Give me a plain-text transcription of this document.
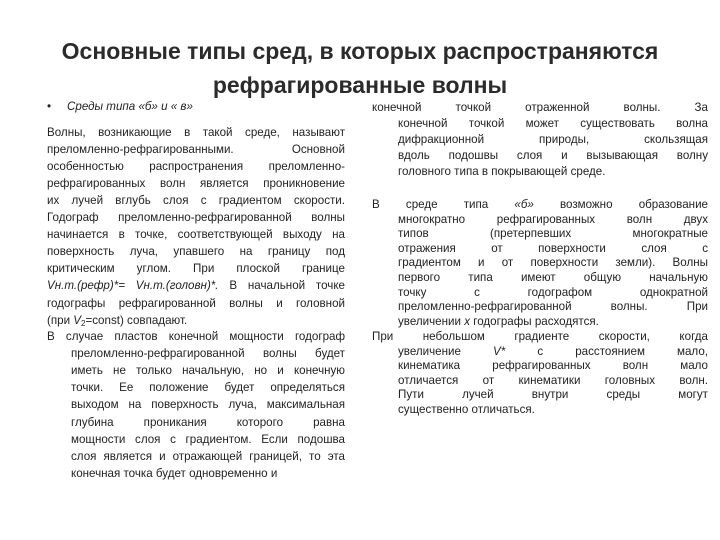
Основные типы сред, в которых распространяются
рефрагированные волны
• Среды типа «б» и « в»
Волны, возникающие в такой среде, называют
преломленно-рефрагированными. Основной
особенностью распространения преломленно-
рефрагированных волн является проникновение
их лучей вглубь слоя с градиентом скорости.
Годограф преломленно-рефрагированной волны
начинается в точке, соответствующей выходу на
поверхность луча, упавшего на границу под
критическим углом. При плоской границе
Vн.т.(рефр)*= Vн.т.(головн)*. В начальной точке
годографы рефрагированной волны и головной
(при $V_2=const$) совпадают.
В случае пластов конечной мощности годограф
преломленно-рефрагированной волны будет
иметь не только начальную, но и конечную
точки. Ее положение будет определяться
выходом на поверхность луча, максимальная
глубина проникания которого равна
мощности слоя с градиентом. Если подошва
слоя является и отражающей границей, то эта
конечная точка будет одновременно и
конечной точкой отраженной волны. За
конечной точкой может существовать волна
дифракционной природы, скользящая
вдоль подошвы слоя и вызывающая волну
головного типа в покрывающей среде.
В среде типа «б» возможно образование
многократно рефрагированных волн двух
типов (претерпевших многократные
отражения от поверхности слоя с
градиентом и от поверхности земли). Волны
первого типа имеют общую начальную
точку с годографом однократной
преломленно-рефрагированной волны. При
увеличении x годографы расходятся.
При небольшом градиенте скорости, когда
увеличение V* с расстоянием мало,
кинематика рефрагированных волн мало
отличается от кинематики головных волн.
Пути лучей внутри среды могут
существенно отличаться.
